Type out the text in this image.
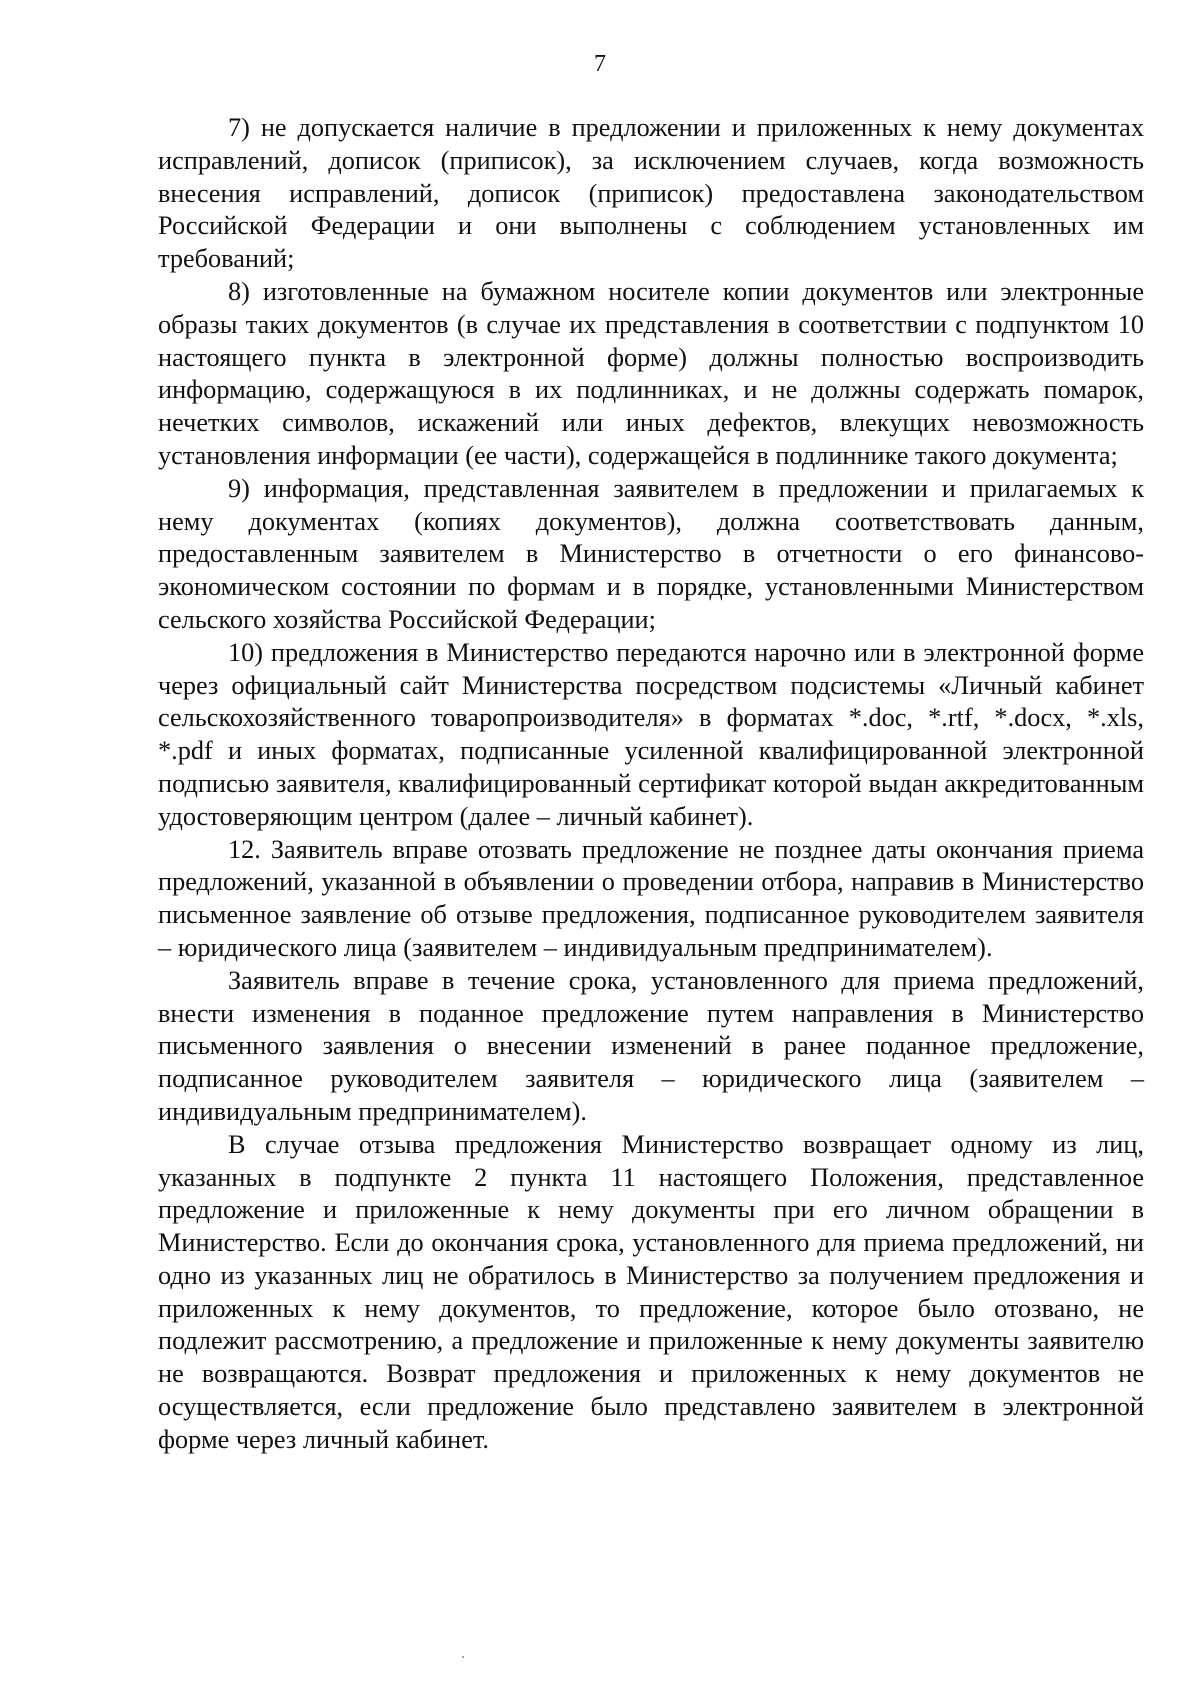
7

7) не допускается наличие в предложении и приложенных к нему документах исправлений, дописок (приписок), за исключением случаев, когда возможность внесения исправлений, дописок (приписок) предоставлена законодательством Российской Федерации и они выполнены с соблюдением установленных им требований;

8) изготовленные на бумажном носителе копии документов или электронные образы таких документов (в случае их представления в соответствии с подпунктом 10 настоящего пункта в электронной форме) должны полностью воспроизводить информацию, содержащуюся в их подлинниках, и не должны содержать помарок, нечетких символов, искажений или иных дефектов, влекущих невозможность установления информации (ее части), содержащейся в подлиннике такого документа;

9) информация, представленная заявителем в предложении и прилагаемых к нему документах (копиях документов), должна соответствовать данным, предоставленным заявителем в Министерство в отчетности о его финансово-экономическом состоянии по формам и в порядке, установленными Министерством сельского хозяйства Российской Федерации;

10) предложения в Министерство передаются нарочно или в электронной форме через официальный сайт Министерства посредством подсистемы «Личный кабинет сельскохозяйственного товаропроизводителя» в форматах *.doc, *.rtf, *.docx, *.xls, *.pdf и иных форматах, подписанные усиленной квалифицированной электронной подписью заявителя, квалифицированный сертификат которой выдан аккредитованным удостоверяющим центром (далее – личный кабинет).

12. Заявитель вправе отозвать предложение не позднее даты окончания приема предложений, указанной в объявлении о проведении отбора, направив в Министерство письменное заявление об отзыве предложения, подписанное руководителем заявителя – юридического лица (заявителем – индивидуальным предпринимателем).

Заявитель вправе в течение срока, установленного для приема предложений, внести изменения в поданное предложение путем направления в Министерство письменного заявления о внесении изменений в ранее поданное предложение, подписанное руководителем заявителя – юридического лица (заявителем – индивидуальным предпринимателем).

В случае отзыва предложения Министерство возвращает одному из лиц, указанных в подпункте 2 пункта 11 настоящего Положения, представленное предложение и приложенные к нему документы при его личном обращении в Министерство. Если до окончания срока, установленного для приема предложений, ни одно из указанных лиц не обратилось в Министерство за получением предложения и приложенных к нему документов, то предложение, которое было отозвано, не подлежит рассмотрению, а предложение и приложенные к нему документы заявителю не возвращаются. Возврат предложения и приложенных к нему документов не осуществляется, если предложение было представлено заявителем в электронной форме через личный кабинет.
